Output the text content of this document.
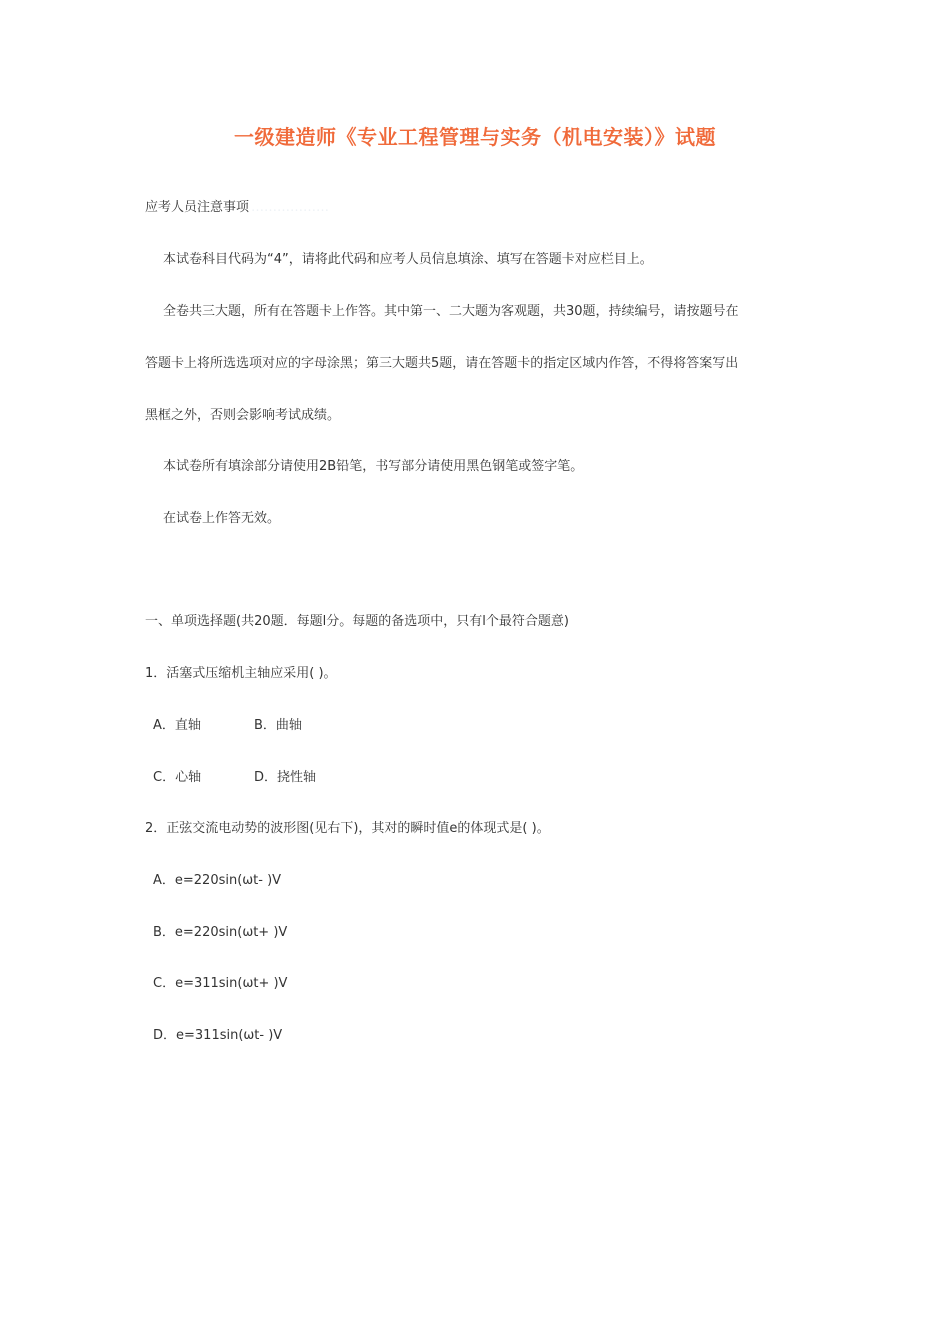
一级建造师《专业工程管理与实务（机电安装）》试题
应考人员注意事项 ………………
本试卷科目代码为“4”，请将此代码和应考人员信息填涂、填写在答题卡对应栏目上。
全卷共三大题，所有在答题卡上作答。其中第一、二大题为客观题，共30题，持续编号，请按题号在
答题卡上将所选选项对应的字母涂黑；第三大题共5题，请在答题卡的指定区域内作答，不得将答案写出
黑框之外，否则会影响考试成绩。
本试卷所有填涂部分请使用2B铅笔，书写部分请使用黑色钢笔或签字笔。
在试卷上作答无效。
一、单项选择题(共20题．每题l分。每题的备选项中，只有l个最符合题意)
1．活塞式压缩机主轴应采用( )。
A．直轴	B．曲轴
C．心轴	D．挠性轴
2．正弦交流电动势的波形图(见右下)，其对的瞬时值e的体现式是( )。
A．e=220sin(ωt- )V
B．e=220sin(ωt+ )V
C．e=311sin(ωt+ )V
D．e=311sin(ωt- )V
